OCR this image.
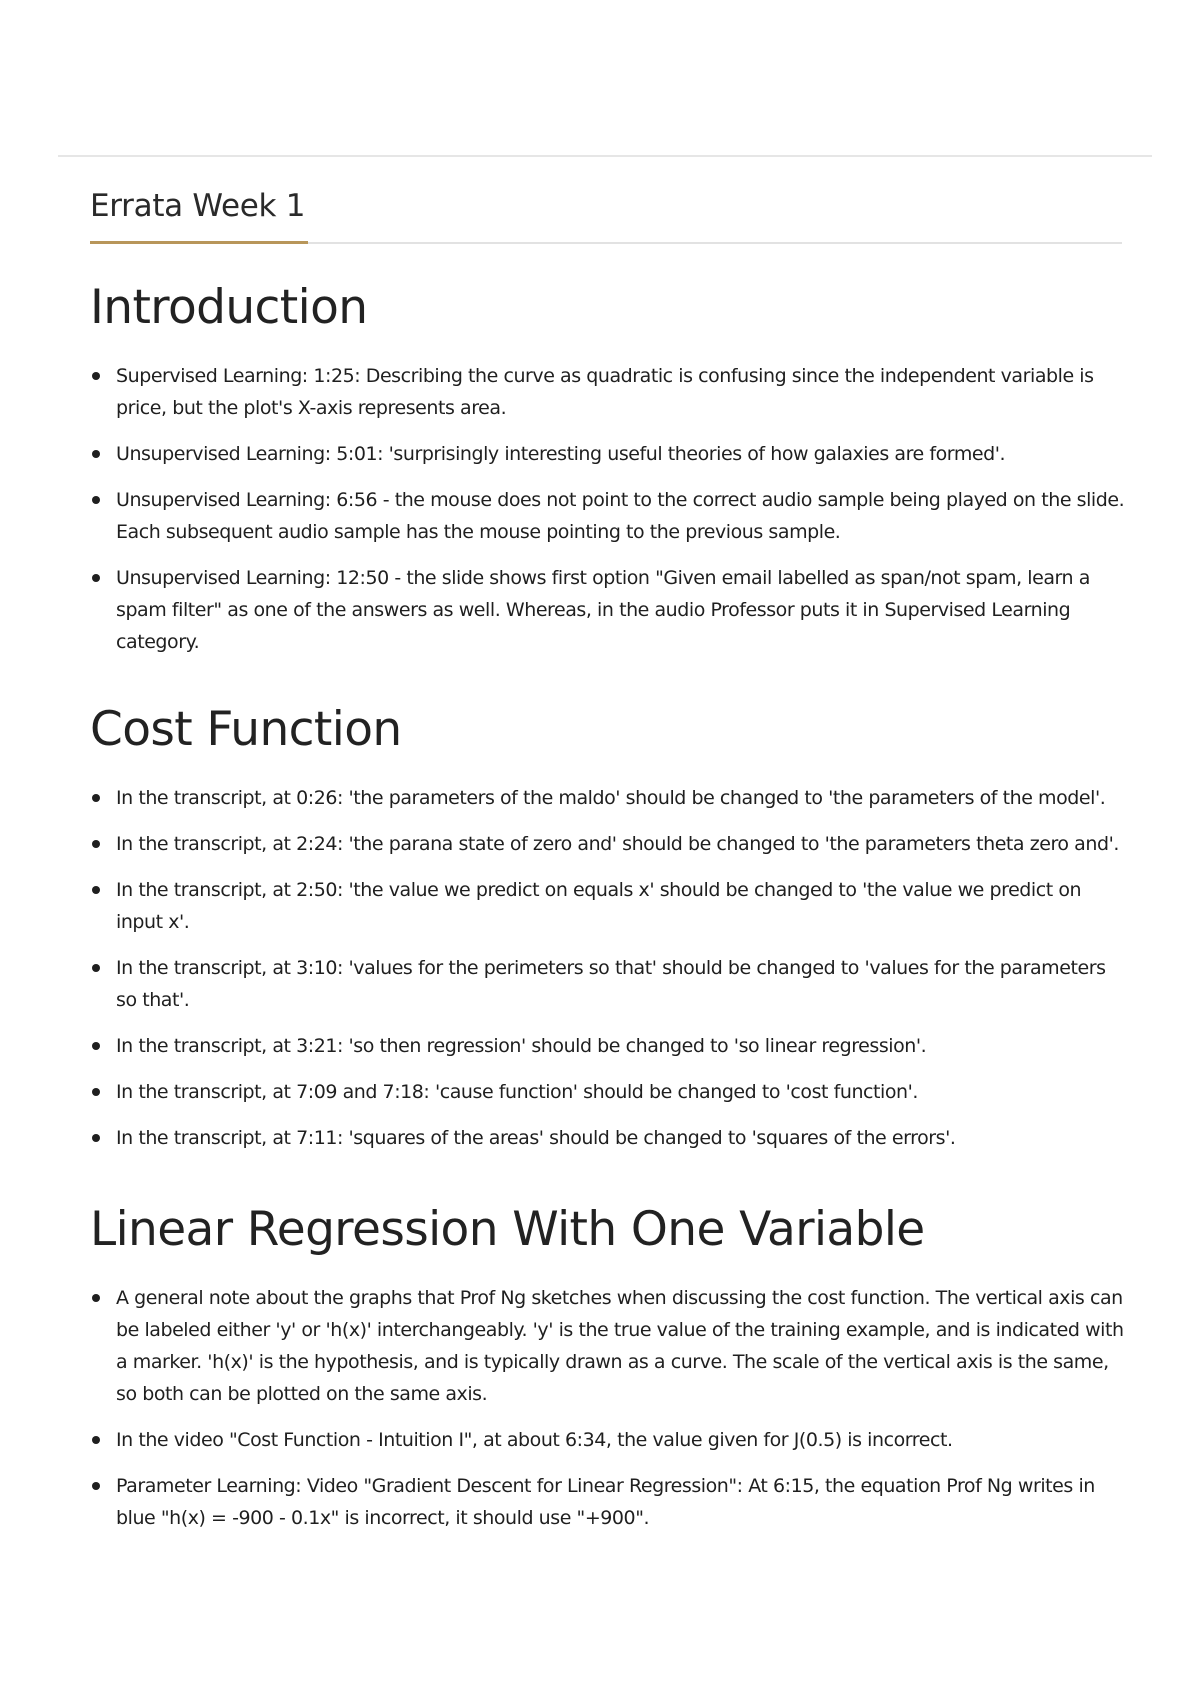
Errata Week 1
Introduction
Supervised Learning: 1:25: Describing the curve as quadratic is confusing since the independent variable is price, but the plot's X-axis represents area.
Unsupervised Learning: 5:01: 'surprisingly interesting useful theories of how galaxies are formed'.
Unsupervised Learning: 6:56 - the mouse does not point to the correct audio sample being played on the slide. Each subsequent audio sample has the mouse pointing to the previous sample.
Unsupervised Learning: 12:50 - the slide shows first option "Given email labelled as span/not spam, learn a spam filter" as one of the answers as well. Whereas, in the audio Professor puts it in Supervised Learning category.
Cost Function
In the transcript, at 0:26: 'the parameters of the maldo' should be changed to 'the parameters of the model'.
In the transcript, at 2:24: 'the parana state of zero and' should be changed to 'the parameters theta zero and'.
In the transcript, at 2:50: 'the value we predict on equals x' should be changed to 'the value we predict on input x'.
In the transcript, at 3:10: 'values for the perimeters so that' should be changed to 'values for the parameters so that'.
In the transcript, at 3:21: 'so then regression' should be changed to 'so linear regression'.
In the transcript, at 7:09 and 7:18: 'cause function' should be changed to 'cost function'.
In the transcript, at 7:11: 'squares of the areas' should be changed to 'squares of the errors'.
Linear Regression With One Variable
A general note about the graphs that Prof Ng sketches when discussing the cost function. The vertical axis can be labeled either 'y' or 'h(x)' interchangeably. 'y' is the true value of the training example, and is indicated with a marker. 'h(x)' is the hypothesis, and is typically drawn as a curve. The scale of the vertical axis is the same, so both can be plotted on the same axis.
In the video "Cost Function - Intuition I", at about 6:34, the value given for J(0.5) is incorrect.
Parameter Learning: Video "Gradient Descent for Linear Regression": At 6:15, the equation Prof Ng writes in blue "h(x) = -900 - 0.1x" is incorrect, it should use "+900".
